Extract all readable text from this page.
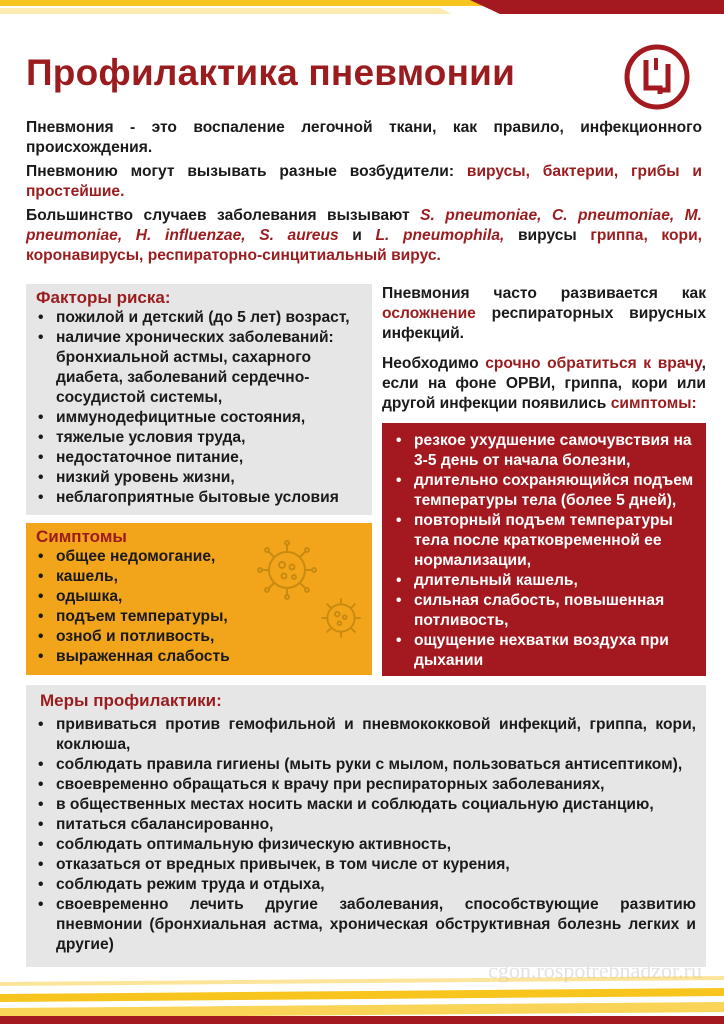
Профилактика пневмонии

Пневмония - это воспаление легочной ткани, как правило, инфекционного происхождения.

Пневмонию могут вызывать разные возбудители: вирусы, бактерии, грибы и простейшие.

Большинство случаев заболевания вызывают S. pneumoniae, C. pneumoniae, M. pneumoniae, H. influenzae, S. aureus и L. pneumophila, вирусы гриппа, кори, коронавирусы, респираторно-синцитиальный вирус.

Факторы риска:
• пожилой и детский (до 5 лет) возраст,
• наличие хронических заболеваний: бронхиальной астмы, сахарного диабета, заболеваний сердечно-сосудистой системы,
• иммунодефицитные состояния,
• тяжелые условия труда,
• недостаточное питание,
• низкий уровень жизни,
• неблагоприятные бытовые условия
Симптомы
• общее недомогание,
• кашель,
• одышка,
• подъем температуры,
• озноб и потливость,
• выраженная слабость

Пневмония часто развивается как осложнение респираторных вирусных инфекций.

Необходимо срочно обратиться к врачу, если на фоне ОРВИ, гриппа, кори или другой инфекции появились симптомы:

• резкое ухудшение самочувствия на 3-5 день от начала болезни,
• длительно сохраняющийся подъем температуры тела (более 5 дней),
• повторный подъем температуры тела после кратковременной ее нормализации,
• длительный кашель,
• сильная слабость, повышенная потливость,
• ощущение нехватки воздуха при дыхании
Меры профилактики:
• прививаться против гемофильной и пневмококковой инфекций, гриппа, кори, коклюша,
• соблюдать правила гигиены (мыть руки с мылом, пользоваться антисептиком),
• своевременно обращаться к врачу при респираторных заболеваниях,
• в общественных местах носить маски и соблюдать социальную дистанцию,
• питаться сбалансированно,
• соблюдать оптимальную физическую активность,
• отказаться от вредных привычек, в том числе от курения,
• соблюдать режим труда и отдыха,
• своевременно лечить другие заболевания, способствующие развитию пневмонии (бронхиальная астма, хроническая обструктивная болезнь легких и другие)
cgon.rospotrebnadzor.ru
